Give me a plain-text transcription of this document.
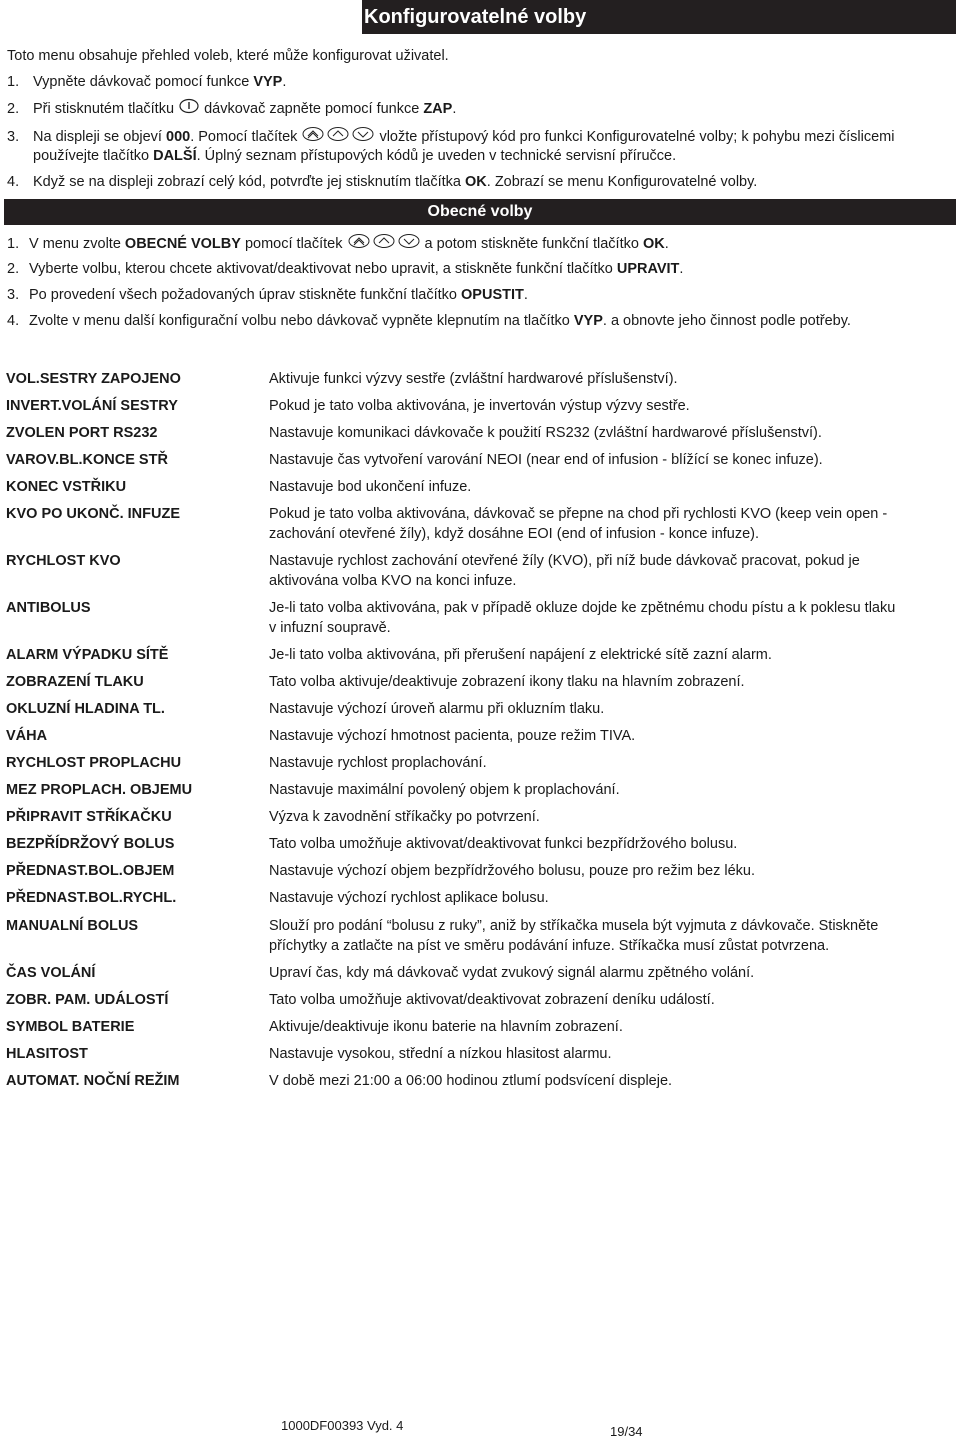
Konfigurovatelné volby
Toto menu obsahuje přehled voleb, které může konfigurovat uživatel.
1. Vypněte dávkovač pomocí funkce VYP.
2. Při stisknutém tlačítku  dávkovač zapněte pomocí funkce ZAP.
3. Na displeji se objeví 000. Pomocí tlačítek	vložte přístupový kód pro funkci Konfigurovatelné volby; k pohybu mezi číslicemi
používejte tlačítko DALŠÍ. Úplný seznam přístupových kódů je uveden v technické servisní příručce.
4. Když se na displeji zobrazí celý kód, potvrďte jej stisknutím tlačítka OK. Zobrazí se menu Konfigurovatelné volby.
Obecné volby
1. V menu zvolte OBECNÉ VOLBY pomocí tlačítek	a potom stiskněte funkční tlačítko OK.
2. Vyberte volbu, kterou chcete aktivovat/deaktivovat nebo upravit, a stiskněte funkční tlačítko UPRAVIT.
3. Po provedení všech požadovaných úprav stiskněte funkční tlačítko OPUSTIT.
4. Zvolte v menu další konfigurační volbu nebo dávkovač vypněte klepnutím na tlačítko VYP. a obnovte jeho činnost podle potřeby.
VOL.SESTRY ZAPOJENO	Aktivuje funkci výzvy sestře (zvláštní hardwarové příslušenství).
INVERT.VOLÁNÍ SESTRY	Pokud je tato volba aktivována, je invertován výstup výzvy sestře.
ZVOLEN PORT RS232	Nastavuje komunikaci dávkovače k použití RS232 (zvláštní hardwarové příslušenství).
VAROV.BL.KONCE STŘ	Nastavuje čas vytvoření varování NEOI (near end of infusion - blížící se konec infuze).
KONEC VSTŘIKU	Nastavuje bod ukončení infuze.
KVO PO UKONČ. INFUZE	Pokud je tato volba aktivována, dávkovač se přepne na chod při rychlosti KVO (keep vein open -
zachování otevřené žíly), když dosáhne EOI (end of infusion - konce infuze).
RYCHLOST KVO	Nastavuje rychlost zachování otevřené žíly (KVO), při níž bude dávkovač pracovat, pokud je
aktivována volba KVO na konci infuze.
ANTIBOLUS	Je-li tato volba aktivována, pak v případě okluze dojde ke zpětnému chodu pístu a k poklesu tlaku
v infuzní soupravě.
ALARM VÝPADKU SÍTĚ	Je-li tato volba aktivována, při přerušení napájení z elektrické sítě zazní alarm.
ZOBRAZENÍ TLAKU	Tato volba aktivuje/deaktivuje zobrazení ikony tlaku na hlavním zobrazení.
OKLUZNÍ HLADINA TL.	Nastavuje výchozí úroveň alarmu při okluzním tlaku.
VÁHA	Nastavuje výchozí hmotnost pacienta, pouze režim TIVA.
RYCHLOST PROPLACHU	Nastavuje rychlost proplachování.
MEZ PROPLACH. OBJEMU	Nastavuje maximální povolený objem k proplachování.
PŘIPRAVIT STŘÍKAČKU	Výzva k zavodnění stříkačky po potvrzení.
BEZPŘÍDRŽOVÝ BOLUS	Tato volba umožňuje aktivovat/deaktivovat funkci bezpřídržového bolusu.
PŘEDNAST.BOL.OBJEM	Nastavuje výchozí objem bezpřídržového bolusu, pouze pro režim bez léku.
PŘEDNAST.BOL.RYCHL.	Nastavuje výchozí rychlost aplikace bolusu.
MANUALNÍ BOLUS	Slouží pro podání “bolusu z ruky”, aniž by stříkačka musela být vyjmuta z dávkovače. Stiskněte
příchytky a zatlačte na píst ve směru podávání infuze. Stříkačka musí zůstat potvrzena.
ČAS VOLÁNÍ	Upraví čas, kdy má dávkovač vydat zvukový signál alarmu zpětného volání.
ZOBR. PAM. UDÁLOSTÍ	Tato volba umožňuje aktivovat/deaktivovat zobrazení deníku událostí.
SYMBOL BATERIE	Aktivuje/deaktivuje ikonu baterie na hlavním zobrazení.
HLASITOST	Nastavuje vysokou, střední a nízkou hlasitost alarmu.
AUTOMAT. NOČNÍ REŽIM	V době mezi 21:00 a 06:00 hodinou ztlumí podsvícení displeje.
1000DF00393 Vyd. 4	19/34
